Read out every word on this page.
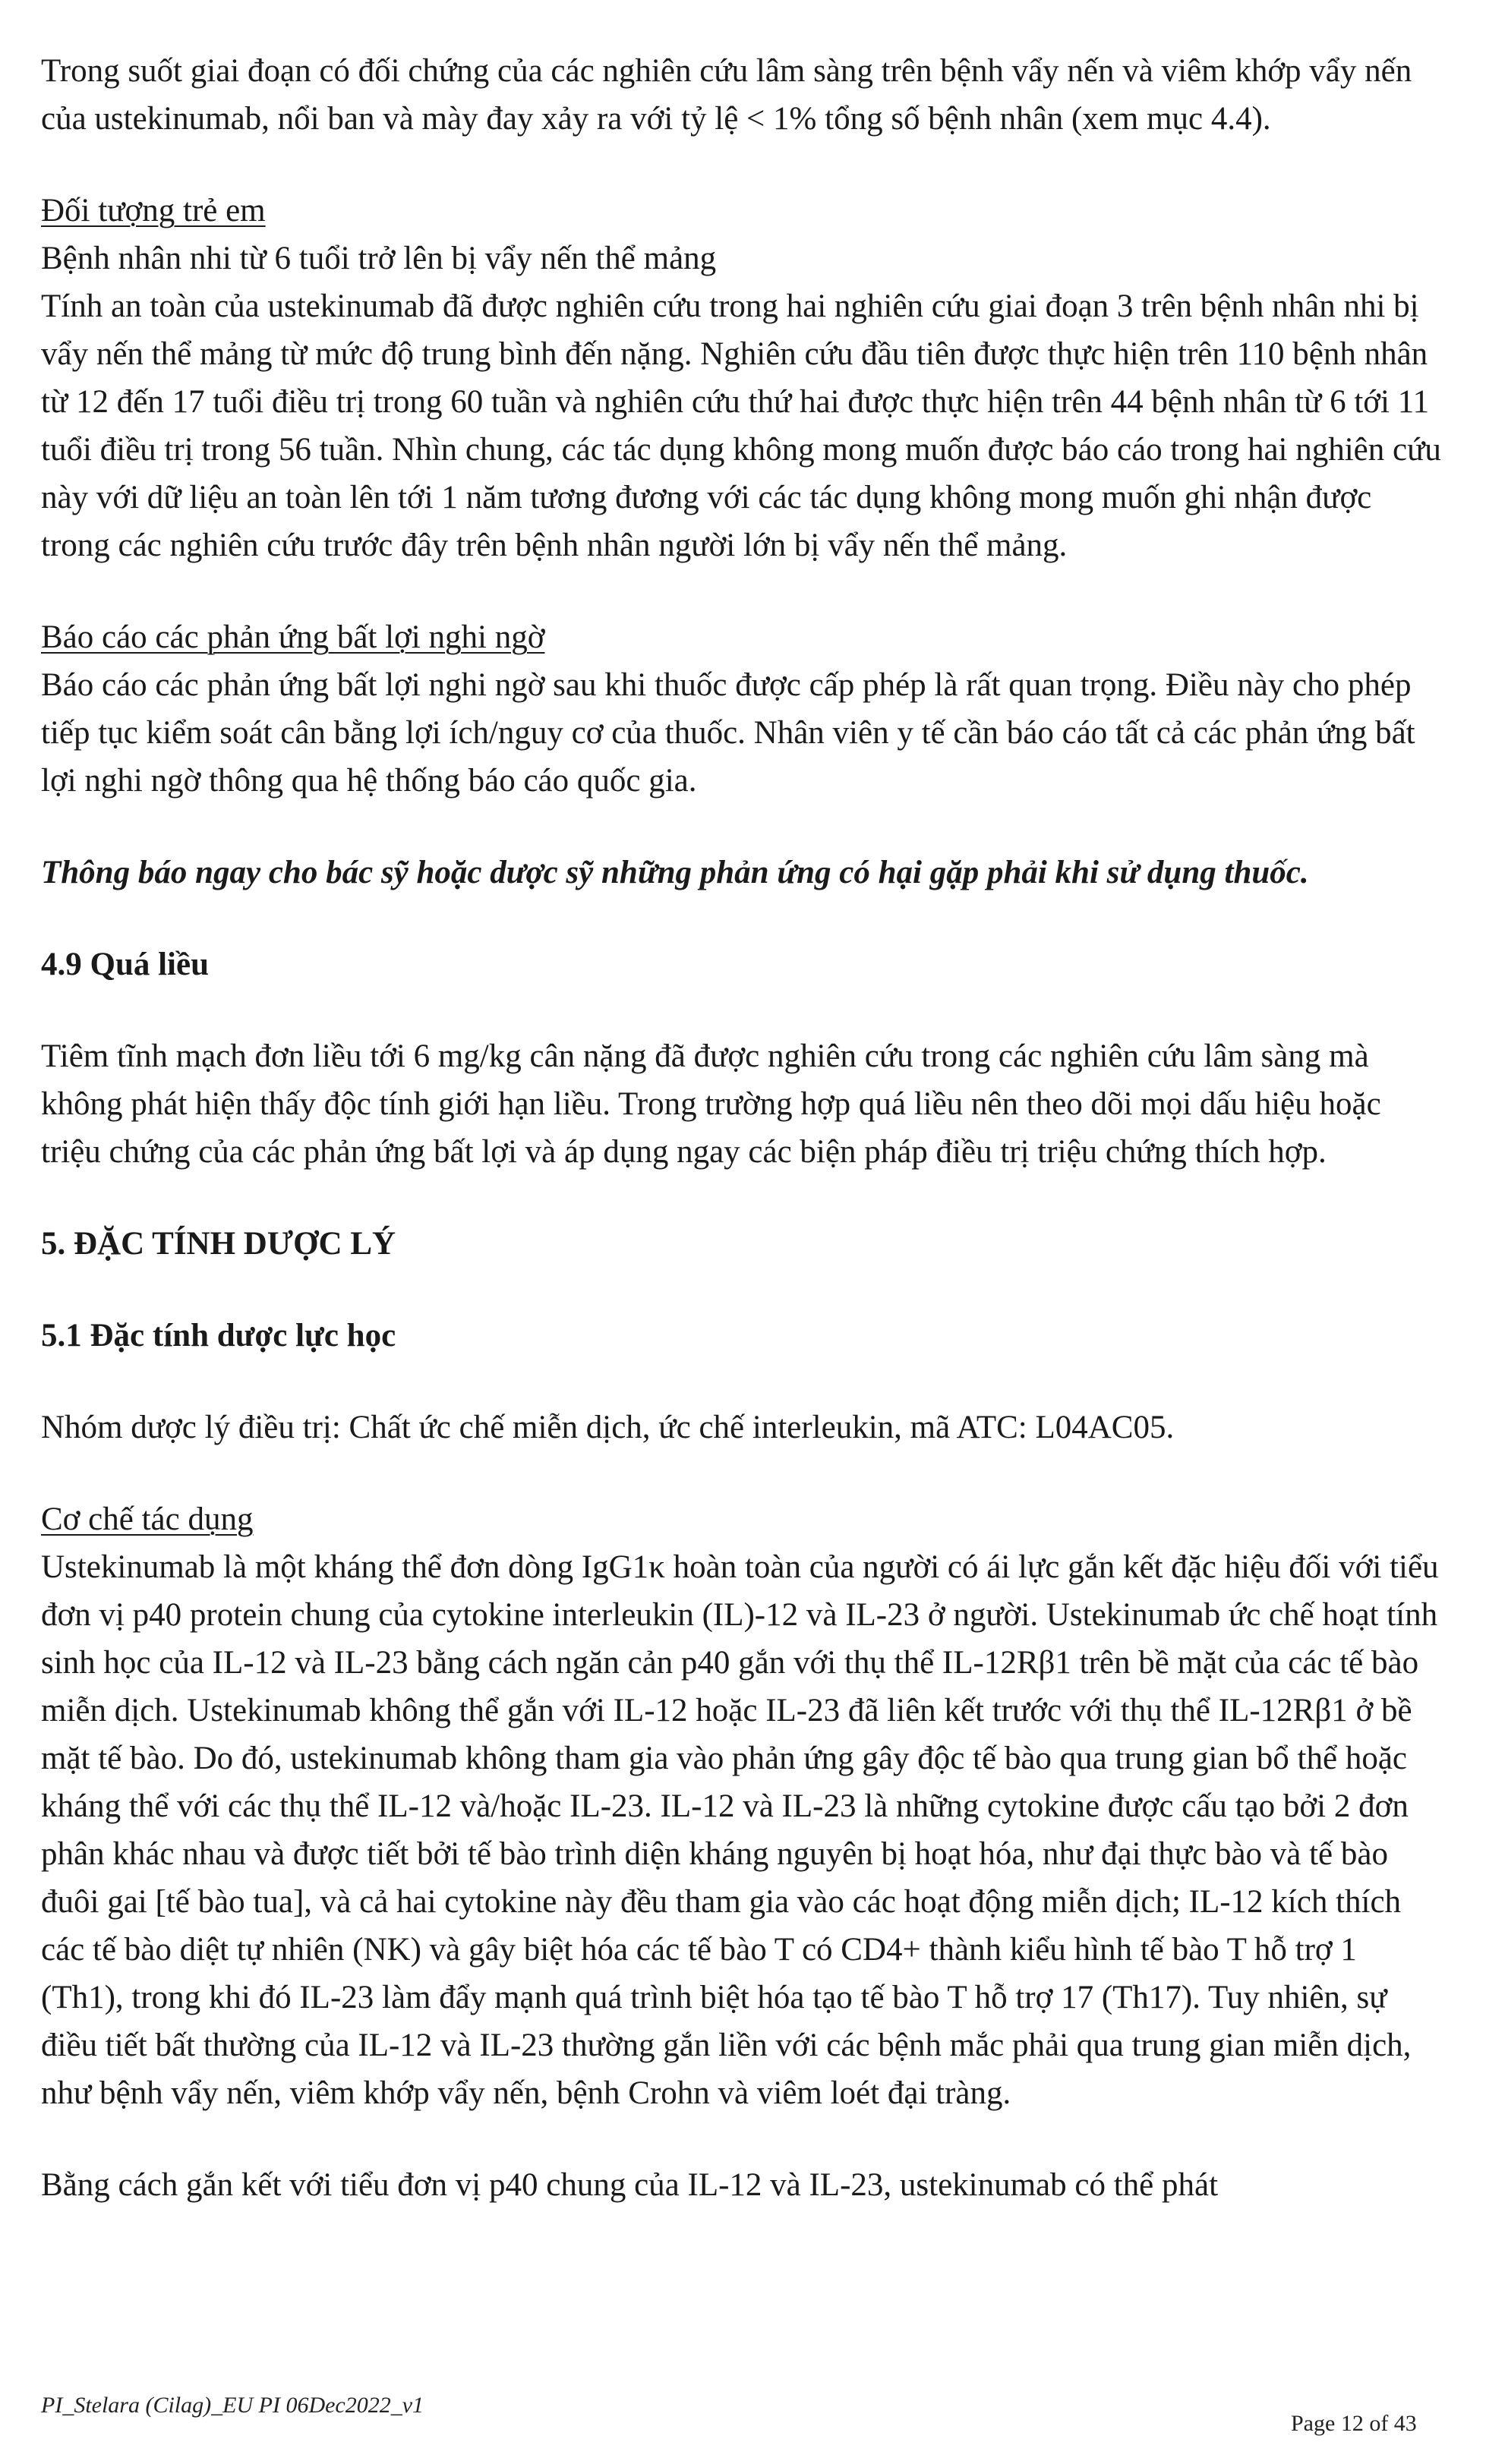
Trong suốt giai đoạn có đối chứng của các nghiên cứu lâm sàng trên bệnh vẩy nến và viêm khớp vẩy nến của ustekinumab, nổi ban và mày đay xảy ra với tỷ lệ < 1% tổng số bệnh nhân (xem mục 4.4).

Đối tượng trẻ em

Bệnh nhân nhi từ 6 tuổi trở lên bị vẩy nến thể mảng

Tính an toàn của ustekinumab đã được nghiên cứu trong hai nghiên cứu giai đoạn 3 trên bệnh nhân nhi bị vẩy nến thể mảng từ mức độ trung bình đến nặng. Nghiên cứu đầu tiên được thực hiện trên 110 bệnh nhân từ 12 đến 17 tuổi điều trị trong 60 tuần và nghiên cứu thứ hai được thực hiện trên 44 bệnh nhân từ 6 tới 11 tuổi điều trị trong 56 tuần. Nhìn chung, các tác dụng không mong muốn được báo cáo trong hai nghiên cứu này với dữ liệu an toàn lên tới 1 năm tương đương với các tác dụng không mong muốn ghi nhận được trong các nghiên cứu trước đây trên bệnh nhân người lớn bị vẩy nến thể mảng.

Báo cáo các phản ứng bất lợi nghi ngờ

Báo cáo các phản ứng bất lợi nghi ngờ sau khi thuốc được cấp phép là rất quan trọng. Điều này cho phép tiếp tục kiểm soát cân bằng lợi ích/nguy cơ của thuốc. Nhân viên y tế cần báo cáo tất cả các phản ứng bất lợi nghi ngờ thông qua hệ thống báo cáo quốc gia.

Thông báo ngay cho bác sỹ hoặc dược sỹ những phản ứng có hại gặp phải khi sử dụng thuốc.

4.9 Quá liều

Tiêm tĩnh mạch đơn liều tới 6 mg/kg cân nặng đã được nghiên cứu trong các nghiên cứu lâm sàng mà không phát hiện thấy độc tính giới hạn liều. Trong trường hợp quá liều nên theo dõi mọi dấu hiệu hoặc triệu chứng của các phản ứng bất lợi và áp dụng ngay các biện pháp điều trị triệu chứng thích hợp.

5. ĐẶC TÍNH DƯỢC LÝ
5.1 Đặc tính dược lực học

Nhóm dược lý điều trị: Chất ức chế miễn dịch, ức chế interleukin, mã ATC: L04AC05.

Cơ chế tác dụng

Ustekinumab là một kháng thể đơn dòng IgG1κ hoàn toàn của người có ái lực gắn kết đặc hiệu đối với tiểu đơn vị p40 protein chung của cytokine interleukin (IL)-12 và IL-23 ở người. Ustekinumab ức chế hoạt tính sinh học của IL-12 và IL-23 bằng cách ngăn cản p40 gắn với thụ thể IL-12Rβ1 trên bề mặt của các tế bào miễn dịch. Ustekinumab không thể gắn với IL-12 hoặc IL-23 đã liên kết trước với thụ thể IL-12Rβ1 ở bề mặt tế bào. Do đó, ustekinumab không tham gia vào phản ứng gây độc tế bào qua trung gian bổ thể hoặc kháng thể với các thụ thể IL-12 và/hoặc IL-23. IL-12 và IL-23 là những cytokine được cấu tạo bởi 2 đơn phân khác nhau và được tiết bởi tế bào trình diện kháng nguyên bị hoạt hóa, như đại thực bào và tế bào đuôi gai [tế bào tua], và cả hai cytokine này đều tham gia vào các hoạt động miễn dịch; IL-12 kích thích các tế bào diệt tự nhiên (NK) và gây biệt hóa các tế bào T có CD4+ thành kiểu hình tế bào T hỗ trợ 1 (Th1), trong khi đó IL-23 làm đẩy mạnh quá trình biệt hóa tạo tế bào T hỗ trợ 17 (Th17). Tuy nhiên, sự điều tiết bất thường của IL-12 và IL-23 thường gắn liền với các bệnh mắc phải qua trung gian miễn dịch, như bệnh vẩy nến, viêm khớp vẩy nến, bệnh Crohn và viêm loét đại tràng.

Bằng cách gắn kết với tiểu đơn vị p40 chung của IL-12 và IL-23, ustekinumab có thể phát

PI_Stelara (Cilag)_EU PI 06Dec2022_v1
Page 12 of 43
